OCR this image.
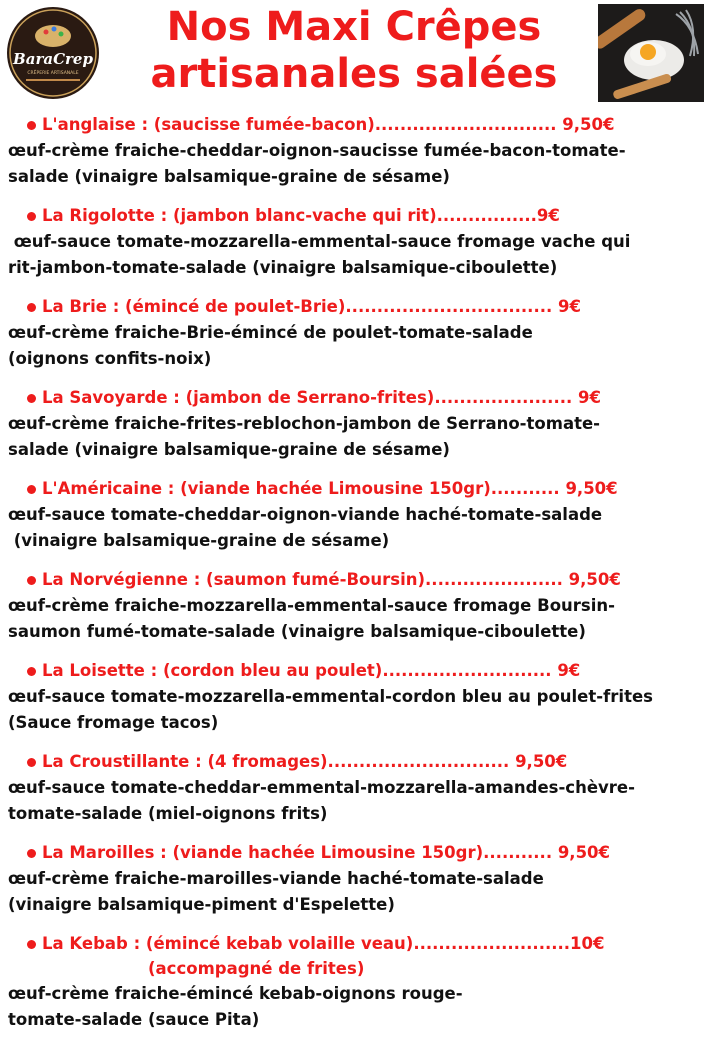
BaraCrep
CRÊPERIE ARTISANALE
Nos Maxi Crêpes
artisanales salées
L'anglaise : (saucisse fumée-bacon)............................. 9,50€
œuf-crème fraiche-cheddar-oignon-saucisse fumée-bacon-tomate-
salade (vinaigre balsamique-graine de sésame)
La Rigolotte : (jambon blanc-vache qui rit)................9€
œuf-sauce tomate-mozzarella-emmental-sauce fromage vache qui
rit-jambon-tomate-salade (vinaigre balsamique-ciboulette)
La Brie : (émincé de poulet-Brie)................................. 9€
œuf-crème fraiche-Brie-émincé de poulet-tomate-salade
(oignons confits-noix)
La Savoyarde : (jambon de Serrano-frites)...................... 9€
œuf-crème fraiche-frites-reblochon-jambon de Serrano-tomate-
salade (vinaigre balsamique-graine de sésame)
L'Américaine : (viande hachée Limousine 150gr)........... 9,50€
œuf-sauce tomate-cheddar-oignon-viande haché-tomate-salade
(vinaigre balsamique-graine de sésame)
La Norvégienne : (saumon fumé-Boursin)...................... 9,50€
œuf-crème fraiche-mozzarella-emmental-sauce fromage Boursin-
saumon fumé-tomate-salade (vinaigre balsamique-ciboulette)
La Loisette : (cordon bleu au poulet)........................... 9€
œuf-sauce tomate-mozzarella-emmental-cordon bleu au poulet-frites
(Sauce fromage tacos)
La Croustillante : (4 fromages)............................. 9,50€
œuf-sauce tomate-cheddar-emmental-mozzarella-amandes-chèvre-
tomate-salade (miel-oignons frits)
La Maroilles : (viande hachée Limousine 150gr)........... 9,50€
œuf-crème fraiche-maroilles-viande haché-tomate-salade
(vinaigre balsamique-piment d'Espelette)
La Kebab : (émincé kebab volaille veau).........................10€
(accompagné de frites)
œuf-crème fraiche-émincé kebab-oignons rouge-
tomate-salade (sauce Pita)
